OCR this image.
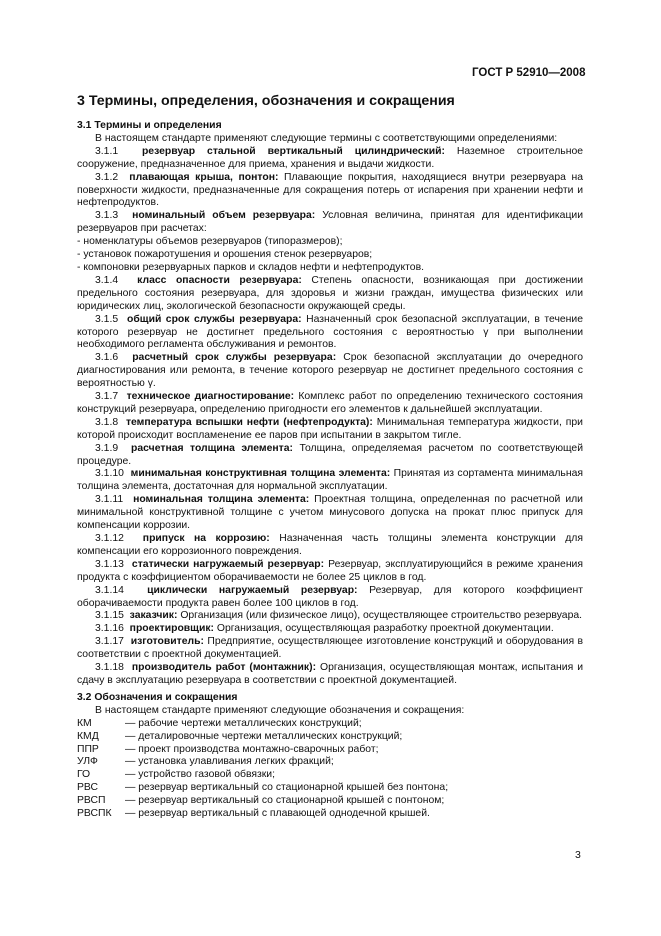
ГОСТ Р 52910—2008
3 Термины, определения, обозначения и сокращения

3.1 Термины и определения

В настоящем стандарте применяют следующие термины с соответствующими определениями:

3.1.1 резервуар стальной вертикальный цилиндрический: Наземное строительное сооружение, предназначенное для приема, хранения и выдачи жидкости.

3.1.2 плавающая крыша, понтон: Плавающие покрытия, находящиеся внутри резервуара на поверхности жидкости, предназначенные для сокращения потерь от испарения при хранении нефти и нефтепродуктов.

3.1.3 номинальный объем резервуара: Условная величина, принятая для идентификации резервуаров при расчетах:

- номенклатуры объемов резервуаров (типоразмеров);

- установок пожаротушения и орошения стенок резервуаров;

- компоновки резервуарных парков и складов нефти и нефтепродуктов.

3.1.4 класс опасности резервуара: Степень опасности, возникающая при достижении предельного состояния резервуара, для здоровья и жизни граждан, имущества физических или юридических лиц, экологической безопасности окружающей среды.

3.1.5 общий срок службы резервуара: Назначенный срок безопасной эксплуатации, в течение которого резервуар не достигнет предельного состояния с вероятностью γ при выполнении необходимого регламента обслуживания и ремонтов.

3.1.6 расчетный срок службы резервуара: Срок безопасной эксплуатации до очередного диагностирования или ремонта, в течение которого резервуар не достигнет предельного состояния с вероятностью γ.

3.1.7 техническое диагностирование: Комплекс работ по определению технического состояния конструкций резервуара, определению пригодности его элементов к дальнейшей эксплуатации.

3.1.8 температура вспышки нефти (нефтепродукта): Минимальная температура жидкости, при которой происходит воспламенение ее паров при испытании в закрытом тигле.

3.1.9 расчетная толщина элемента: Толщина, определяемая расчетом по соответствующей процедуре.

3.1.10 минимальная конструктивная толщина элемента: Принятая из сортамента минимальная толщина элемента, достаточная для нормальной эксплуатации.

3.1.11 номинальная толщина элемента: Проектная толщина, определенная по расчетной или минимальной конструктивной толщине с учетом минусового допуска на прокат плюс припуск для компенсации коррозии.

3.1.12 припуск на коррозию: Назначенная часть толщины элемента конструкции для компенсации его коррозионного повреждения.

3.1.13 статически нагружаемый резервуар: Резервуар, эксплуатирующийся в режиме хранения продукта с коэффициентом оборачиваемости не более 25 циклов в год.

3.1.14 циклически нагружаемый резервуар: Резервуар, для которого коэффициент оборачиваемости продукта равен более 100 циклов в год.

3.1.15 заказчик: Организация (или физическое лицо), осуществляющее строительство резервуара.

3.1.16 проектировщик: Организация, осуществляющая разработку проектной документации.

3.1.17 изготовитель: Предприятие, осуществляющее изготовление конструкций и оборудования в соответствии с проектной документацией.

3.1.18 производитель работ (монтажник): Организация, осуществляющая монтаж, испытания и сдачу в эксплуатацию резервуара в соответствии с проектной документацией.

3.2 Обозначения и сокращения

В настоящем стандарте применяют следующие обозначения и сокращения:

КМ	— рабочие чертежи металлических конструкций;
КМД	— деталировочные чертежи металлических конструкций;
ППР	— проект производства монтажно-сварочных работ;
УЛФ	— установка улавливания легких фракций;
ГО	— устройство газовой обвязки;
РВС	— резервуар вертикальный со стационарной крышей без понтона;
РВСП	— резервуар вертикальный со стационарной крышей с понтоном;
РВСПК	— резервуар вертикальный с плавающей однодечной крышей.
3
